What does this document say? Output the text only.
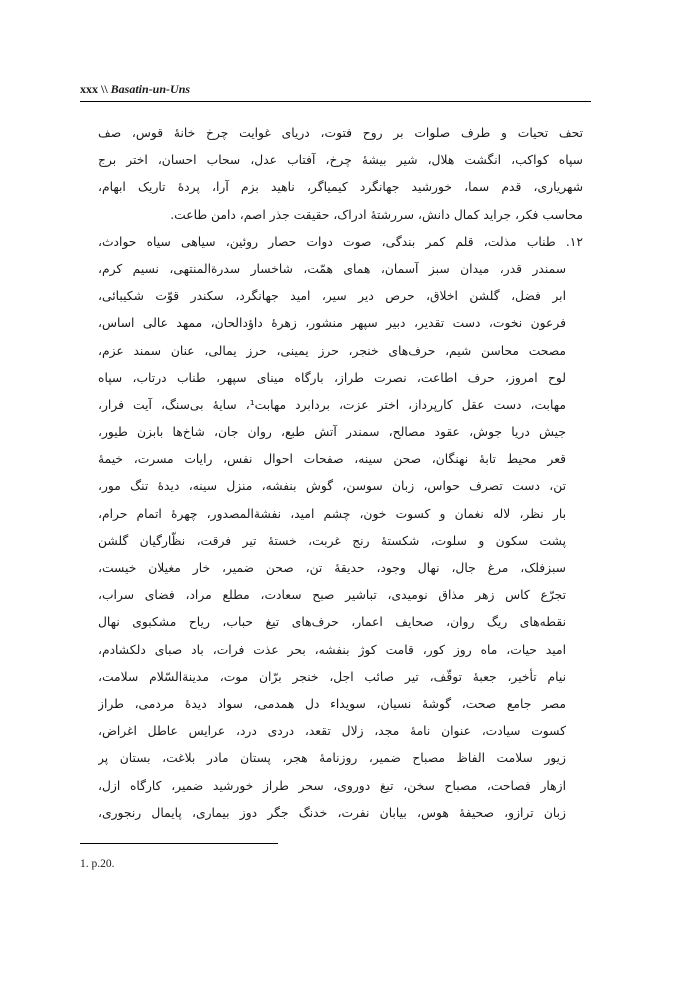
xxx \\ Basatin-un-Uns
تحف تحیات و طرف صلوات بر روح فتوت، دریای غوایت چرخ خانهٔ قوس، صف
سپاه کواکب، انگشت هلال، شیر بیشهٔ چرخ، آفتاب عدل، سحاب احسان، اختر برج
شهریاری، قدم سما، خورشید جهانگرد کیمیاگر، ناهید بزم آرا، پردهٔ تاریک ابهام،
محاسب فکر، جراید کمال دانش، سررشتهٔ ادراک، حقیقت جذر اصم، دامن طاعت.
۱۲. طناب مذلت، قلم کمر بندگی، صوت دوات حصار روئین، سیاهی سیاه حوادث،
سمندر قدر، میدان سبز آسمان، همای همّت، شاخسار سدرةالمنتهی، نسیم کرم،
ابر فضل، گلشن اخلاق، حرص دیر سیر، امید جهانگرد، سکندر قوّت شکیبائی،
فرعون نخوت، دست تقدیر، دبیر سپهر منشور، زهرهٔ داؤدالحان، ممهد عالی اساس،
مصحت محاسن شیم، حرف‌های خنجر، حرز یمینی، حرز یمالی، عنان سمند عزم،
لوح امروز، حرف اطاعت، نصرت طراز، بارگاه مینای سپهر، طناب درتاب، سپاه
مهابت، دست عقل کارپرداز، اختر عزت، بردابرد مهابت¹، سایهٔ بی‌سنگ، آیت فرار،
جیش دریا جوش، عقود مصالح، سمندر آتش طبع، روان جان، شاخ‌ها بابزن طیور،
قعر محیط تابهٔ نهنگان، صحن سینه، صفحات احوال نفس، رایات مسرت، خیمهٔ
تن، دست تصرف حواس، زبان سوسن، گوش بنفشه، منزل سینه، دیدهٔ تنگ مور،
بار نظر، لاله نغمان و کسوت خون، چشم امید، نفشةالمصدور، چهرهٔ اتمام حرام،
پشت سکون و سلوت، شکستهٔ رنج غربت، خستهٔ تیر فرقت، نظّارگیان گلشن
سبزفلک، مرغ جال، نهال وجود، حدیقهٔ تن، صحن ضمیر، خار مغیلان خیست،
تجرّع کاس زهر مذاق نومیدی، تباشیر صبح سعادت، مطلع مراد، فضای سراب،
نقطه‌های ریگ روان، صحایف اعمار، حرف‌های تیغ حباب، ریاح مشکبوی نهال
امید حیات، ماه روز کور، قامت کوژ بنفشه، بحر عذت فرات، باد صبای دلکشادم،
نیام تأخیر، جعبهٔ توقّف، تیر صائب اجل، خنجر برّان موت، مدینةالسّلام سلامت،
مصر جامع صحت، گوشهٔ نسیان، سویداء دل همدمی، سواد دیدهٔ مردمی، طراز
کسوت سیادت، عنوان نامهٔ مجد، زلال تقعد، دردی درد، عرایس عاطل اغراض،
زیور سلامت الفاظ مصباح ضمیر، روزنامهٔ هجر، پستان مادر بلاغت، بستان پر
ازهار فصاحت، مصباح سخن، تیغ دوروی، سحر طراز خورشید ضمیر، کارگاه ازل،
زبان ترازو، صحیفهٔ هوس، بیابان نفرت، خدنگ جگر دوز بیماری، پایمال رنجوری،
1. p.20.
